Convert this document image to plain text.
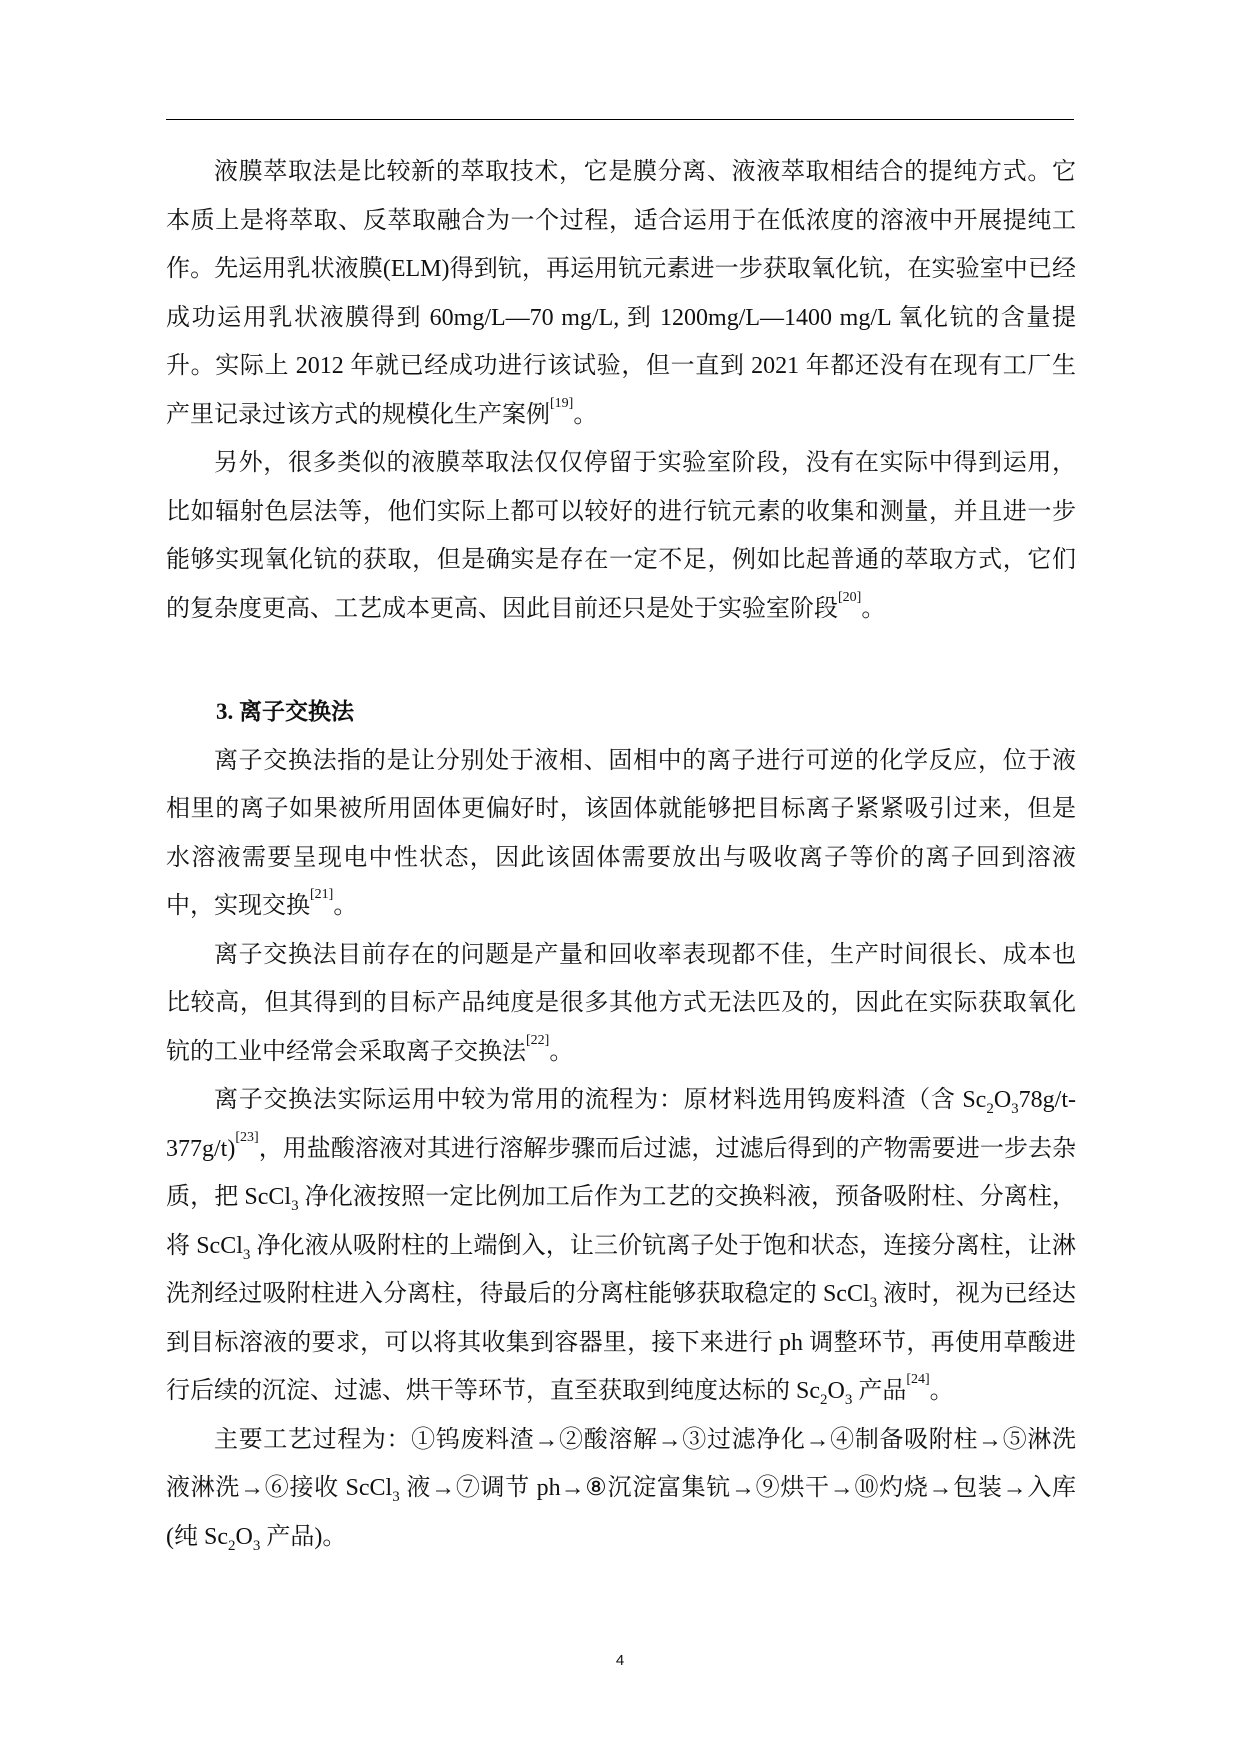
液膜萃取法是比较新的萃取技术，它是膜分离、液液萃取相结合的提纯方式。它本质上是将萃取、反萃取融合为一个过程，适合运用于在低浓度的溶液中开展提纯工作。先运用乳状液膜(ELM)得到钪，再运用钪元素进一步获取氧化钪，在实验室中已经成功运用乳状液膜得到 60mg/L—70 mg/L, 到 1200mg/L—1400 mg/L 氧化钪的含量提升。实际上 2012 年就已经成功进行该试验，但一直到 2021 年都还没有在现有工厂生产里记录过该方式的规模化生产案例[19]。

另外，很多类似的液膜萃取法仅仅停留于实验室阶段，没有在实际中得到运用，比如辐射色层法等，他们实际上都可以较好的进行钪元素的收集和测量，并且进一步能够实现氧化钪的获取，但是确实是存在一定不足，例如比起普通的萃取方式，它们的复杂度更高、工艺成本更高、因此目前还只是处于实验室阶段[20]。

3. 离子交换法

离子交换法指的是让分别处于液相、固相中的离子进行可逆的化学反应，位于液相里的离子如果被所用固体更偏好时，该固体就能够把目标离子紧紧吸引过来，但是水溶液需要呈现电中性状态，因此该固体需要放出与吸收离子等价的离子回到溶液中，实现交换[21]。

离子交换法目前存在的问题是产量和回收率表现都不佳，生产时间很长、成本也比较高，但其得到的目标产品纯度是很多其他方式无法匹及的，因此在实际获取氧化钪的工业中经常会采取离子交换法[22]。

离子交换法实际运用中较为常用的流程为：原材料选用钨废料渣（含 $Sc_2O_378g/t-377g/t)[23]$，用盐酸溶液对其进行溶解步骤而后过滤，过滤后得到的产物需要进一步去杂质，把 ScCl$_3$ 净化液按照一定比例加工后作为工艺的交换料液，预备吸附柱、分离柱，将 ScCl$_3$ 净化液从吸附柱的上端倒入，让三价钪离子处于饱和状态，连接分离柱，让淋洗剂经过吸附柱进入分离柱，待最后的分离柱能够获取稳定的 ScCl$_3$ 液时，视为已经达到目标溶液的要求，可以将其收集到容器里，接下来进行 ph 调整环节，再使用草酸进行后续的沉淀、过滤、烘干等环节，直至获取到纯度达标的 $Sc_2O_3$ 产品[24]。

主要工艺过程为：①钨废料渣→②酸溶解→③过滤净化→④制备吸附柱→⑤淋洗液淋洗→⑥接收 ScCl$_3$ 液→⑦调节 ph→⑧沉淀富集钪→⑨烘干→⑩灼烧→包装→入库(纯 $Sc_2O_3$ 产品)。

4
